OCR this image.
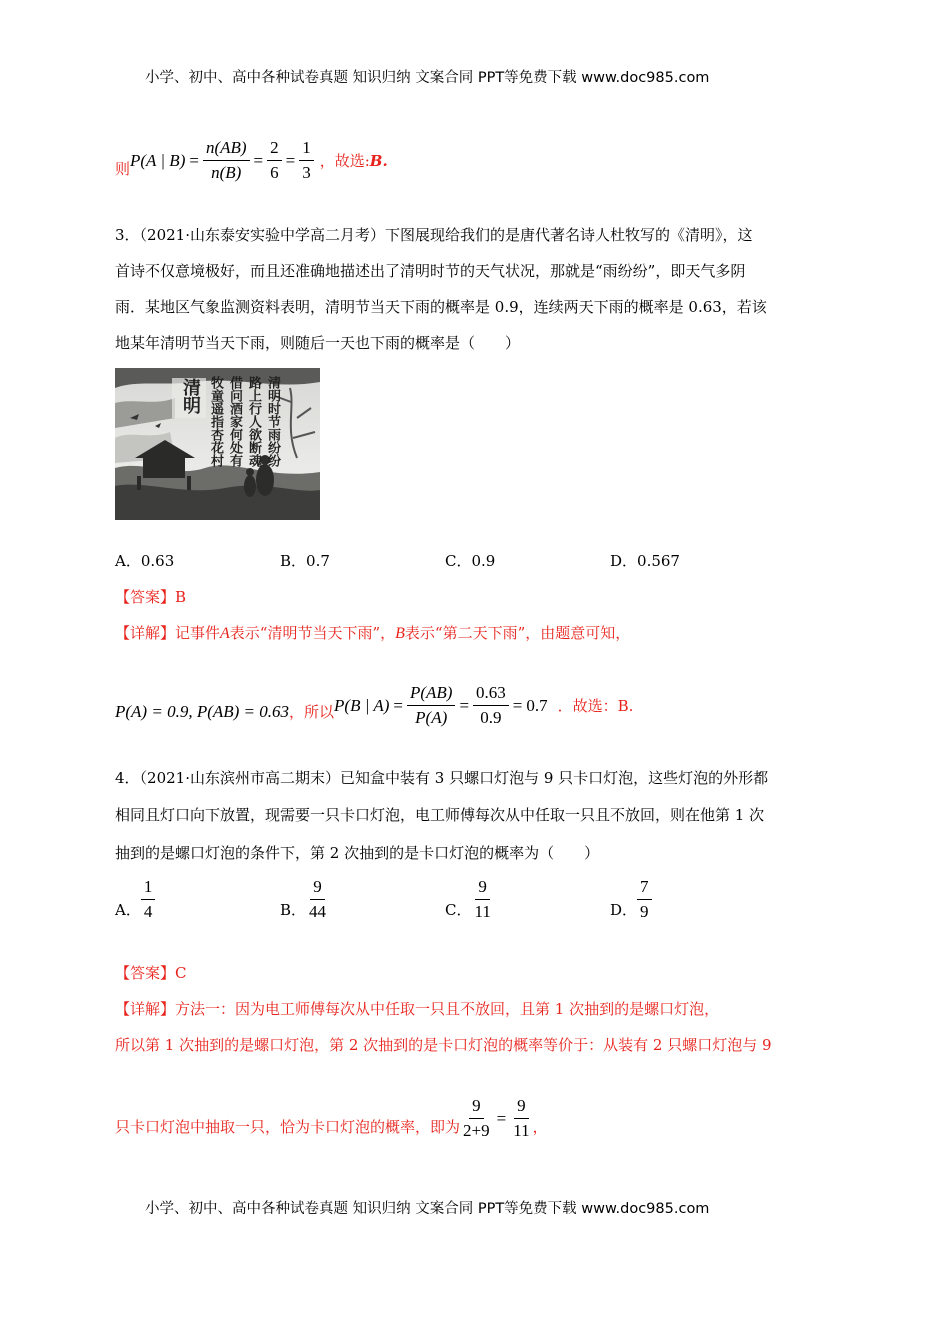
小学、初中、高中各种试卷真题 知识归纳 文案合同 PPT等免费下载 www.doc985.com
则 P(A | $B) = \frac{n(AB)}{n(B)} = \frac{2}{6} = \frac{1}{3}$ ，故选: B.
3．（2021·山东泰安实验中学高二月考）下图展现给我们的是唐代著名诗人杜牧写的《清明》，这
首诗不仅意境极好，而且还准确地描述出了清明时节的天气状况，那就是“雨纷纷”，即天气多阴
雨．某地区气象监测资料表明，清明节当天下雨的概率是 0.9，连续两天下雨的概率是 0.63，若该
地某年清明节当天下雨，则随后一天也下雨的概率是（　　）
清明	清明时节雨纷纷
路上行人欲断魂
借问酒家何处有
牧童遥指杏花村
A．0.63	B．0.7	C．0.9	D．0.567
【答案】B
【详解】记事件A表示“清明节当天下雨”，B表示“第二天下雨”，由题意可知，
P(A) = 0.9, P(AB) = 0.63 ，所以 P(B | $A) = \frac{P(AB)}{P(A)} = \frac{0.63}{0.9} = 0.7$ ．故选：B.
4．（2021·山东滨州市高二期末）已知盒中装有 3 只螺口灯泡与 9 只卡口灯泡，这些灯泡的外形都
相同且灯口向下放置，现需要一只卡口灯泡，电工师傅每次从中任取一只且不放回，则在他第 1 次
抽到的是螺口灯泡的条件下，第 2 次抽到的是卡口灯泡的概率为（　　）
A． $\frac{1}{4}$	B． $\frac{9}{44}$	C． $\frac{9}{11}$	D． $\frac{7}{9}$
【答案】C
【详解】方法一：因为电工师傅每次从中任取一只且不放回，且第 1 次抽到的是螺口灯泡，
所以第 1 次抽到的是螺口灯泡，第 2 次抽到的是卡口灯泡的概率等价于：从装有 2 只螺口灯泡与 9
只卡口灯泡中抽取一只，恰为卡口灯泡的概率，即为 $\frac{9}{2+9} = \frac{9}{11}$ ，
小学、初中、高中各种试卷真题 知识归纳 文案合同 PPT等免费下载 www.doc985.com
